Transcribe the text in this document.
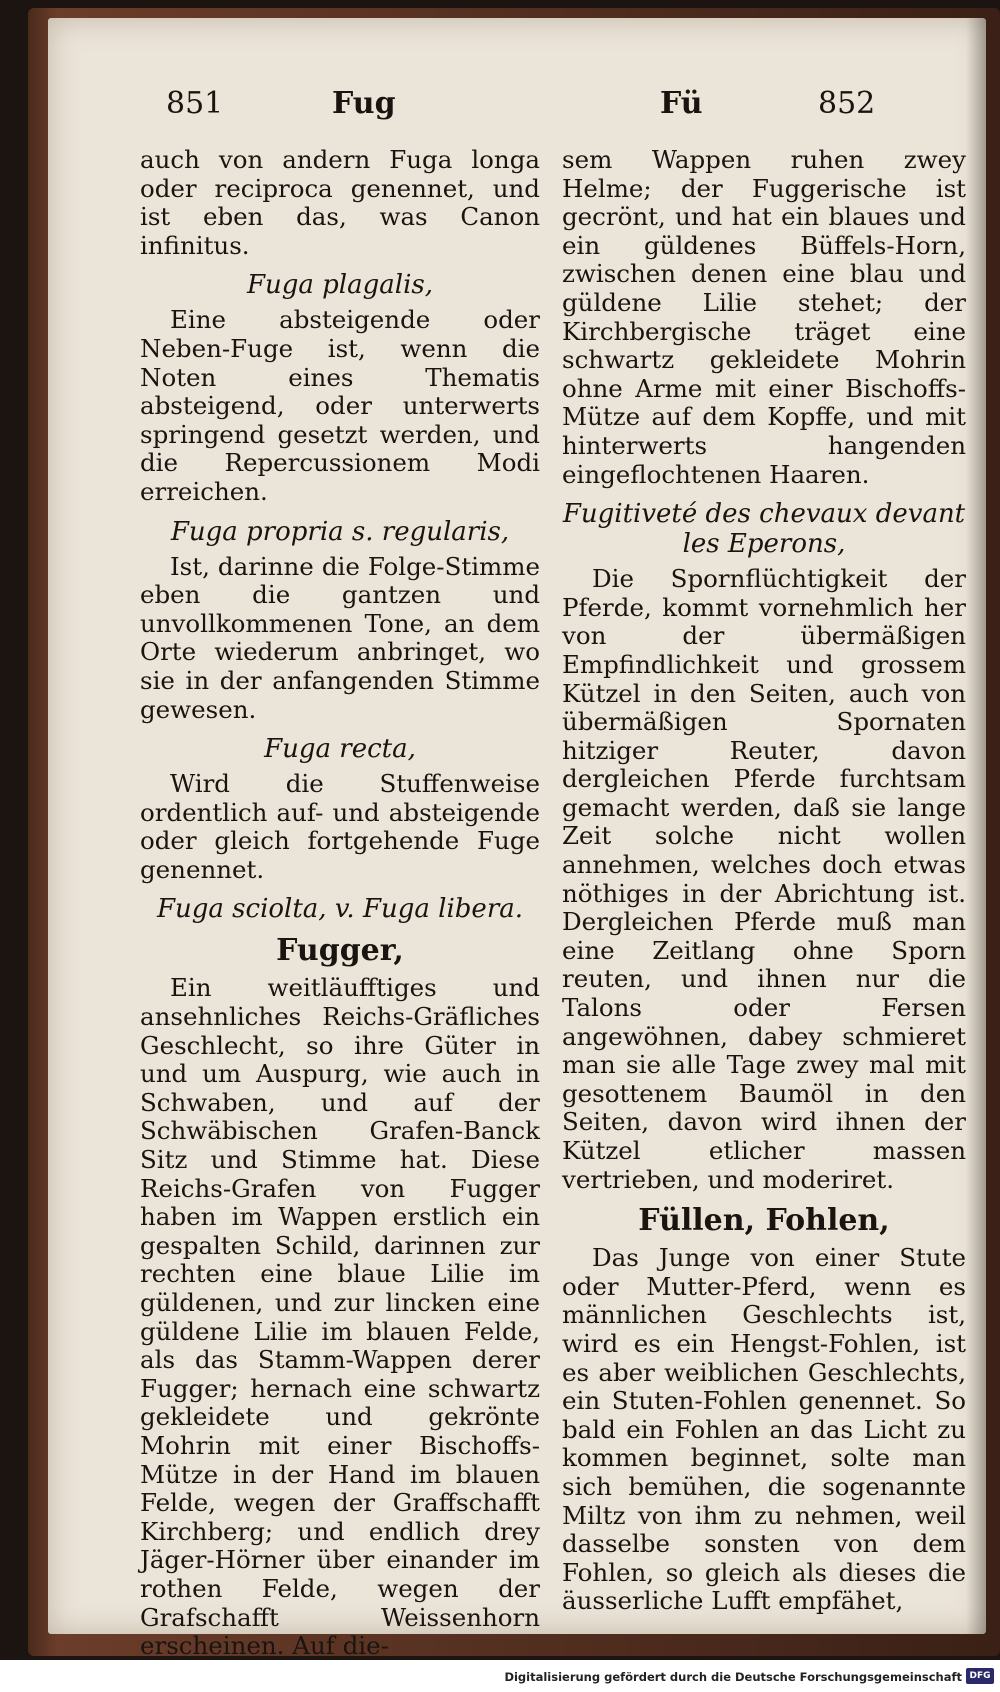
851	Fug	Fü	852

auch von andern Fuga longa oder reciproca genennet, und ist eben das, was Canon infinitus.

Fuga plagalis,

Eine absteigende oder Neben-Fuge ist, wenn die Noten eines Thematis absteigend, oder unterwerts springend gesetzt werden, und die Repercussionem Modi erreichen.

Fuga propria s. regularis,

Ist, darinne die Folge-Stimme eben die gantzen und unvollkommenen Tone, an dem Orte wiederum anbringet, wo sie in der anfangenden Stimme gewesen.

Fuga recta,

Wird die Stuffenweise ordentlich auf- und absteigende oder gleich fortgehende Fuge genennet.

Fuga sciolta, v. Fuga libera.
Fugger,

Ein weitläufftiges und ansehnliches Reichs-Gräfliches Geschlecht, so ihre Güter in und um Auspurg, wie auch in Schwaben, und auf der Schwäbischen Grafen-Banck Sitz und Stimme hat. Diese Reichs-Grafen von Fugger haben im Wappen erstlich ein gespalten Schild, darinnen zur rechten eine blaue Lilie im güldenen, und zur lincken eine güldene Lilie im blauen Felde, als das Stamm-Wappen derer Fugger; hernach eine schwartz gekleidete und gekrönte Mohrin mit einer Bischoffs-Mütze in der Hand im blauen Felde, wegen der Graffschafft Kirchberg; und endlich drey Jäger-Hörner über einander im rothen Felde, wegen der Grafschafft Weissenhorn erscheinen. Auf die-

sem Wappen ruhen zwey Helme; der Fuggerische ist gecrönt, und hat ein blaues und ein güldenes Büffels-Horn, zwischen denen eine blau und güldene Lilie stehet; der Kirchbergische träget eine schwartz gekleidete Mohrin ohne Arme mit einer Bischoffs-Mütze auf dem Kopffe, und mit hinterwerts hangenden eingeflochtenen Haaren.

Fugitiveté des chevaux devant les Eperons,

Die Spornflüchtigkeit der Pferde, kommt vornehmlich her von der übermäßigen Empfindlichkeit und grossem Kützel in den Seiten, auch von übermäßigen Spornaten hitziger Reuter, davon dergleichen Pferde furchtsam gemacht werden, daß sie lange Zeit solche nicht wollen annehmen, welches doch etwas nöthiges in der Abrichtung ist. Dergleichen Pferde muß man eine Zeitlang ohne Sporn reuten, und ihnen nur die Talons oder Fersen angewöhnen, dabey schmieret man sie alle Tage zwey mal mit gesottenem Baumöl in den Seiten, davon wird ihnen der Kützel etlicher massen vertrieben, und moderiret.

Füllen, Fohlen,

Das Junge von einer Stute oder Mutter-Pferd, wenn es männlichen Geschlechts ist, wird es ein Hengst-Fohlen, ist es aber weiblichen Geschlechts, ein Stuten-Fohlen genennet. So bald ein Fohlen an das Licht zu kommen beginnet, solte man sich bemühen, die sogenannte Miltz von ihm zu nehmen, weil dasselbe sonsten von dem Fohlen, so gleich als dieses die äusserliche Lufft empfähet,

Digitalisierung gefördert durch die Deutsche Forschungsgemeinschaft DFG
